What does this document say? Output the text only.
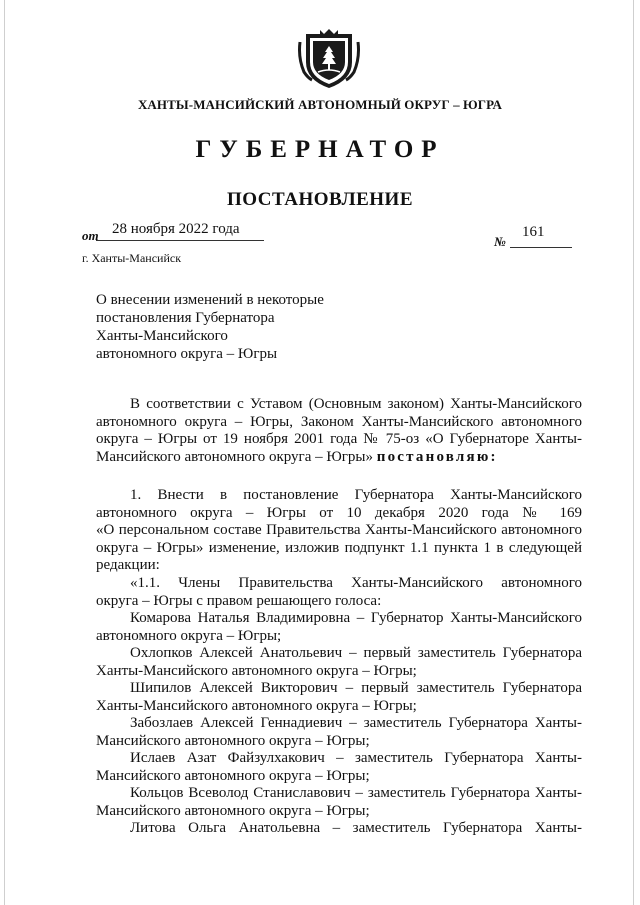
ХАНТЫ-МАНСИЙСКИЙ АВТОНОМНЫЙ ОКРУГ – ЮГРА
ГУБЕРНАТОР
ПОСТАНОВЛЕНИЕ
от 28 ноября 2022 года
№
161
г. Ханты-Мансийск
О внесении изменений в некоторые
постановления Губернатора
Ханты-Мансийского
автономного округа – Югры
В соответствии с Уставом (Основным законом) Ханты-Мансийского
автономного округа – Югры, Законом Ханты-Мансийского автономного
округа – Югры от 19 ноября 2001 года № 75-оз «О Губернаторе Ханты-
Мансийского автономного округа – Югры» постановляю:
1. Внести в постановление Губернатора Ханты-Мансийского
автономного округа – Югры от 10 декабря 2020 года № 169
«О персональном составе Правительства Ханты-Мансийского автономного
округа – Югры» изменение, изложив подпункт 1.1 пункта 1 в следующей
редакции:
«1.1. Члены Правительства Ханты-Мансийского автономного
округа – Югры с правом решающего голоса:
Комарова Наталья Владимировна – Губернатор Ханты-Мансийского
автономного округа – Югры;
Охлопков Алексей Анатольевич – первый заместитель Губернатора
Ханты-Мансийского автономного округа – Югры;
Шипилов Алексей Викторович – первый заместитель Губернатора
Ханты-Мансийского автономного округа – Югры;
Забозлаев Алексей Геннадиевич – заместитель Губернатора Ханты-
Мансийского автономного округа – Югры;
Ислаев Азат Файзулхакович – заместитель Губернатора Ханты-
Мансийского автономного округа – Югры;
Кольцов Всеволод Станиславович – заместитель Губернатора Ханты-
Мансийского автономного округа – Югры;
Литова Ольга Анатольевна – заместитель Губернатора Ханты-
